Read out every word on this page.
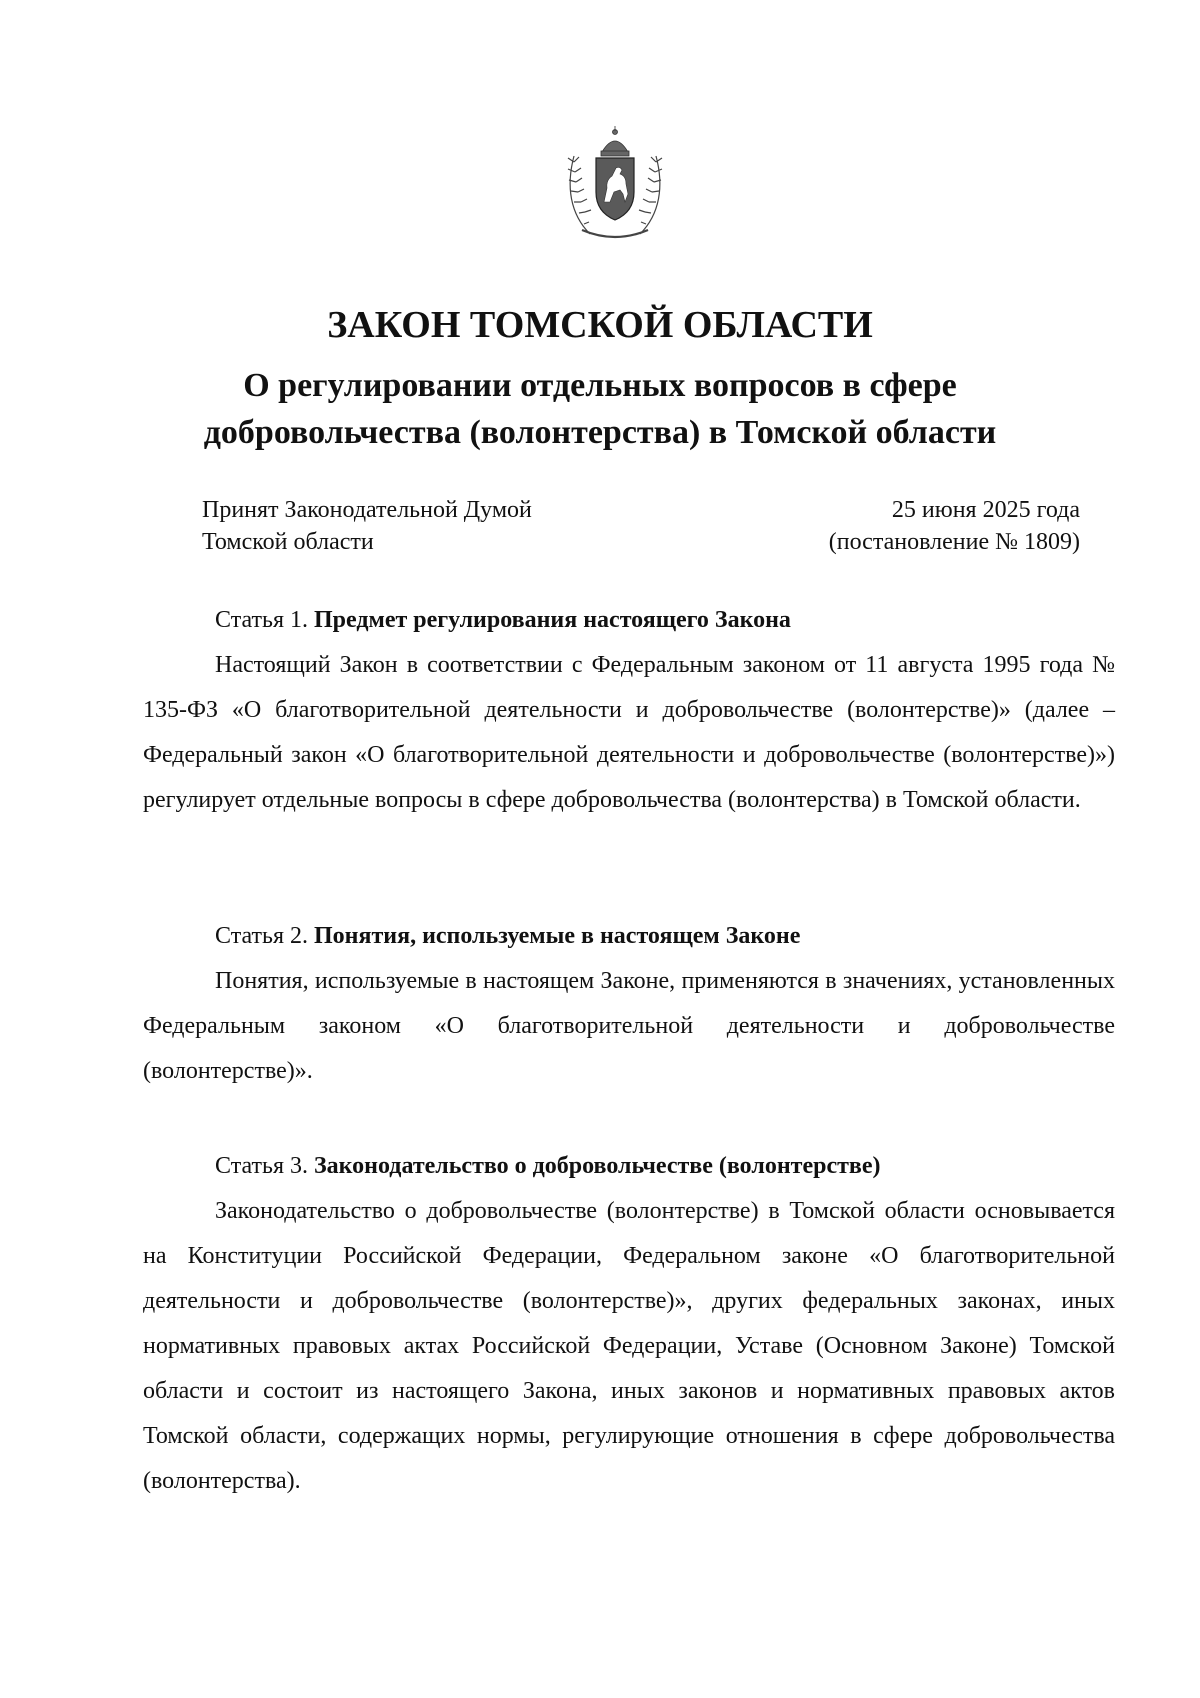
ЗАКОН ТОМСКОЙ ОБЛАСТИ
О регулировании отдельных вопросов в сфере добровольчества (волонтерства) в Томской области
Принят Законодательной Думой
Томской области
25 июня 2025 года
(постановление № 1809)
Статья 1. Предмет регулирования настоящего Закона

Настоящий Закон в соответствии с Федеральным законом от 11 августа 1995 года № 135-ФЗ «О благотворительной деятельности и добровольчестве (волонтерстве)» (далее – Федеральный закон «О благотворительной деятельности и добровольчестве (волонтерстве)») регулирует отдельные вопросы в сфере добровольчества (волонтерства) в Томской области.

Статья 2. Понятия, используемые в настоящем Законе

Понятия, используемые в настоящем Законе, применяются в значениях, установленных Федеральным законом «О благотворительной деятельности и добровольчестве (волонтерстве)».

Статья 3. Законодательство о добровольчестве (волонтерстве)

Законодательство о добровольчестве (волонтерстве) в Томской области основывается на Конституции Российской Федерации, Федеральном законе «О благотворительной деятельности и добровольчестве (волонтерстве)», других федеральных законах, иных нормативных правовых актах Российской Федерации, Уставе (Основном Законе) Томской области и состоит из настоящего Закона, иных законов и нормативных правовых актов Томской области, содержащих нормы, регулирующие отношения в сфере добровольчества (волонтерства).
